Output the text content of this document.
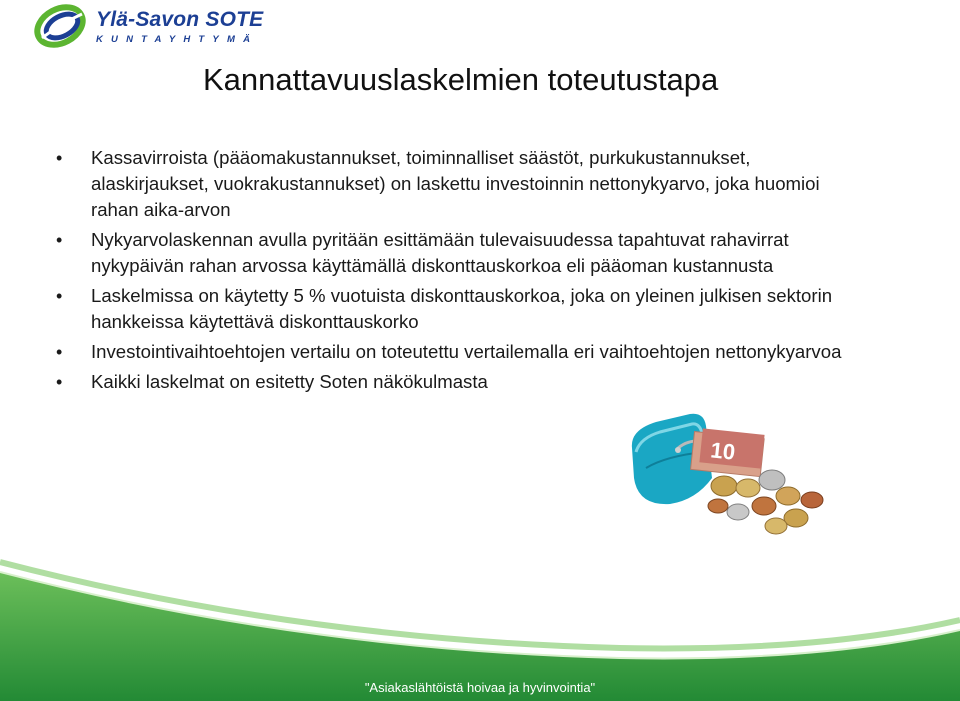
Ylä-Savon SOTE
KUNTAYHTYMÄ
Kannattavuuslaskelmien toteutustapa
• Kassavirroista (pääomakustannukset, toiminnalliset säästöt, purkukustannukset, alaskirjaukset, vuokrakustannukset) on laskettu investoinnin nettonykyarvo, joka huomioi rahan aika-arvon
• Nykyarvolaskennan avulla pyritään esittämään tulevaisuudessa tapahtuvat rahavirrat nykypäivän rahan arvossa käyttämällä diskonttauskorkoa eli pääoman kustannusta
• Laskelmissa on käytetty 5 % vuotuista diskonttauskorkoa, joka on yleinen julkisen sektorin hankkeissa käytettävä diskonttauskorko
• Investointivaihtoehtojen vertailu on toteutettu vertailemalla eri vaihtoehtojen nettonykyarvoa
• Kaikki laskelmat on esitetty Soten näkökulmasta
10
"Asiakaslähtöistä hoivaa ja hyvinvointia"
